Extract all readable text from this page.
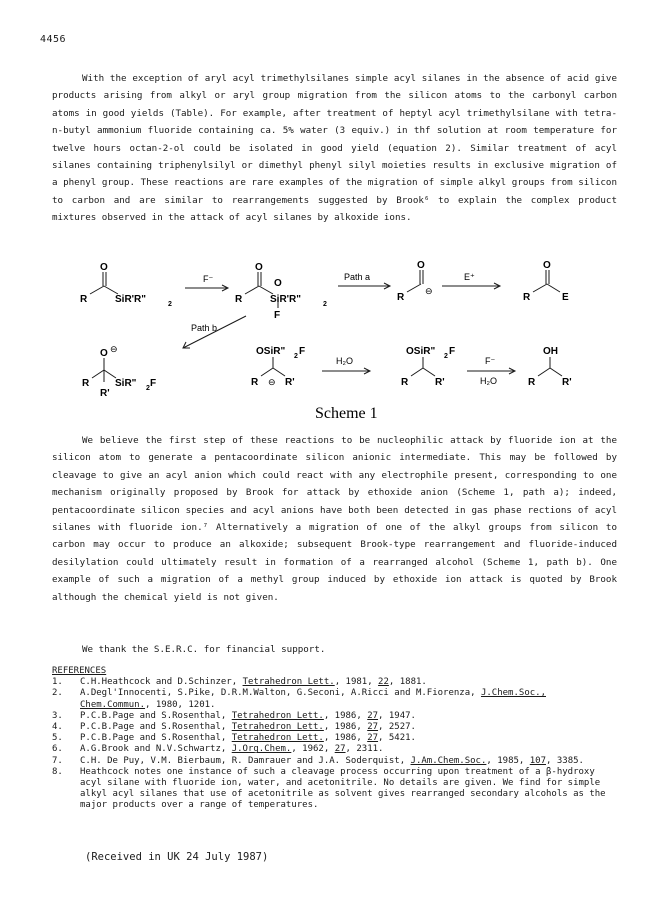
4456

With the exception of aryl acyl trimethylsilanes simple acyl silanes in the absence of acid give products arising from alkyl or aryl group migration from the silicon atoms to the carbonyl carbon atoms in good yields (Table). For example, after treatment of heptyl acyl trimethylsilane with tetra-n-butyl ammonium fluoride containing ca. 5% water (3 equiv.) in thf solution at room temperature for twelve hours octan-2-ol could be isolated in good yield (equation 2). Similar treatment of acyl silanes containing triphenylsilyl or dimethyl phenyl silyl moieties results in exclusive migration of a phenyl group. These reactions are rare examples of the migration of simple alkyl groups from silicon to carbon and are similar to rearrangements suggested by Brook⁶ to explain the complex product mixtures observed in the attack of acyl silanes by alkoxide ions.

O
R	SiR'R"	2
F⁻
O
O
R	SiR'R"	2
F
Path a
O
R
⊖
E⁺
O
R	E
Path b
O ⊖
R	SiR" 2 F
R'
OSiR" 2 F
R ⊖ R'
H₂O
OSiR" 2 F
R	R'
F⁻
H₂O
OH
R	R'
Scheme 1

We believe the first step of these reactions to be nucleophilic attack by fluoride ion at the silicon atom to generate a pentacoordinate silicon anionic intermediate. This may be followed by cleavage to give an acyl anion which could react with any electrophile present, corresponding to one mechanism originally proposed by Brook for attack by ethoxide anion (Scheme 1, path a); indeed, pentacoordinate silicon species and acyl anions have both been detected in gas phase rections of acyl silanes with fluoride ion.⁷ Alternatively a migration of one of the alkyl groups from silicon to carbon may occur to produce an alkoxide; subsequent Brook-type rearrangement and fluoride-induced desilylation could ultimately result in formation of a rearranged alcohol (Scheme 1, path b). One example of such a migration of a methyl group induced by ethoxide ion attack is quoted by Brook although the chemical yield is not given.

We thank the S.E.R.C. for financial support.
REFERENCES
1.	C.H.Heathcock and D.Schinzer, Tetrahedron Lett., 1981, 22, 1881.
2.	A.Degl'Innocenti, S.Pike, D.R.M.Walton, G.Seconi, A.Ricci and M.Fiorenza, J.Chem.Soc., Chem.Commun., 1980, 1201.
3.	P.C.B.Page and S.Rosenthal, Tetrahedron Lett., 1986, 27, 1947.
4.	P.C.B.Page and S.Rosenthal, Tetrahedron Lett., 1986, 27, 2527.
5.	P.C.B.Page and S.Rosenthal, Tetrahedron Lett., 1986, 27, 5421.
6.	A.G.Brook and N.V.Schwartz, J.Org.Chem., 1962, 27, 2311.
7.	C.H. De Puy, V.M. Bierbaum, R. Damrauer and J.A. Soderquist, J.Am.Chem.Soc., 1985, 107, 3385.
8.	Heathcock notes one instance of such a cleavage process occurring upon treatment of a β-hydroxy acyl silane with fluoride ion, water, and acetonitrile. No details are given. We find for simple alkyl acyl silanes that use of acetonitrile as solvent gives rearranged secondary alcohols as the major products over a range of temperatures.
(Received in UK 24 July 1987)
